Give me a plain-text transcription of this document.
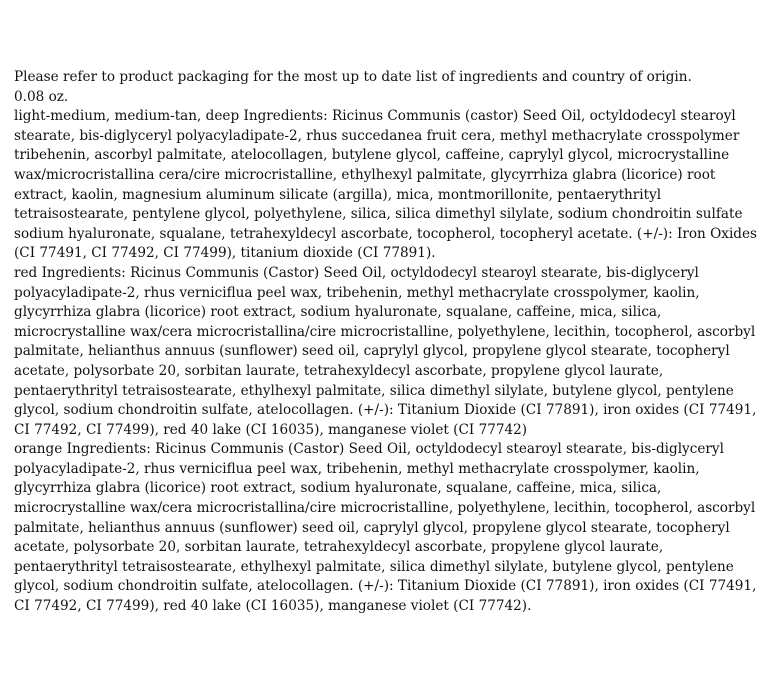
Please refer to product packaging for the most up to date list of ingredients and country of origin.

0.08 oz.

light-medium, medium-tan, deep Ingredients: Ricinus Communis (castor) Seed Oil, octyldodecyl stearoyl stearate, bis-diglyceryl polyacyladipate-2, rhus succedanea fruit cera, methyl methacrylate crosspolymer tribehenin, ascorbyl palmitate, atelocollagen, butylene glycol, caffeine, caprylyl glycol, microcrystalline wax/microcristallina cera/cire microcristalline, ethylhexyl palmitate, glycyrrhiza glabra (licorice) root extract, kaolin, magnesium aluminum silicate (argilla), mica, montmorillonite, pentaerythrityl tetraisostearate, pentylene glycol, polyethylene, silica, silica dimethyl silylate, sodium chondroitin sulfate sodium hyaluronate, squalane, tetrahexyldecyl ascorbate, tocopherol, tocopheryl acetate. (+/-): Iron Oxides (CI 77491, CI 77492, CI 77499), titanium dioxide (CI 77891).

red Ingredients: Ricinus Communis (Castor) Seed Oil, octyldodecyl stearoyl stearate, bis-diglyceryl polyacyladipate-2, rhus verniciflua peel wax, tribehenin, methyl methacrylate crosspolymer, kaolin, glycyrrhiza glabra (licorice) root extract, sodium hyaluronate, squalane, caffeine, mica, silica, microcrystalline wax/cera microcristallina/cire microcristalline, polyethylene, lecithin, tocopherol, ascorbyl palmitate, helianthus annuus (sunflower) seed oil, caprylyl glycol, propylene glycol stearate, tocopheryl acetate, polysorbate 20, sorbitan laurate, tetrahexyldecyl ascorbate, propylene glycol laurate, pentaerythrityl tetraisostearate, ethylhexyl palmitate, silica dimethyl silylate, butylene glycol, pentylene glycol, sodium chondroitin sulfate, atelocollagen. (+/-): Titanium Dioxide (CI 77891), iron oxides (CI 77491, CI 77492, CI 77499), red 40 lake (CI 16035), manganese violet (CI 77742)

orange Ingredients: Ricinus Communis (Castor) Seed Oil, octyldodecyl stearoyl stearate, bis-diglyceryl polyacyladipate-2, rhus verniciflua peel wax, tribehenin, methyl methacrylate crosspolymer, kaolin, glycyrrhiza glabra (licorice) root extract, sodium hyaluronate, squalane, caffeine, mica, silica, microcrystalline wax/cera microcristallina/cire microcristalline, polyethylene, lecithin, tocopherol, ascorbyl palmitate, helianthus annuus (sunflower) seed oil, caprylyl glycol, propylene glycol stearate, tocopheryl acetate, polysorbate 20, sorbitan laurate, tetrahexyldecyl ascorbate, propylene glycol laurate, pentaerythrityl tetraisostearate, ethylhexyl palmitate, silica dimethyl silylate, butylene glycol, pentylene glycol, sodium chondroitin sulfate, atelocollagen. (+/-): Titanium Dioxide (CI 77891), iron oxides (CI 77491, CI 77492, CI 77499), red 40 lake (CI 16035), manganese violet (CI 77742).
